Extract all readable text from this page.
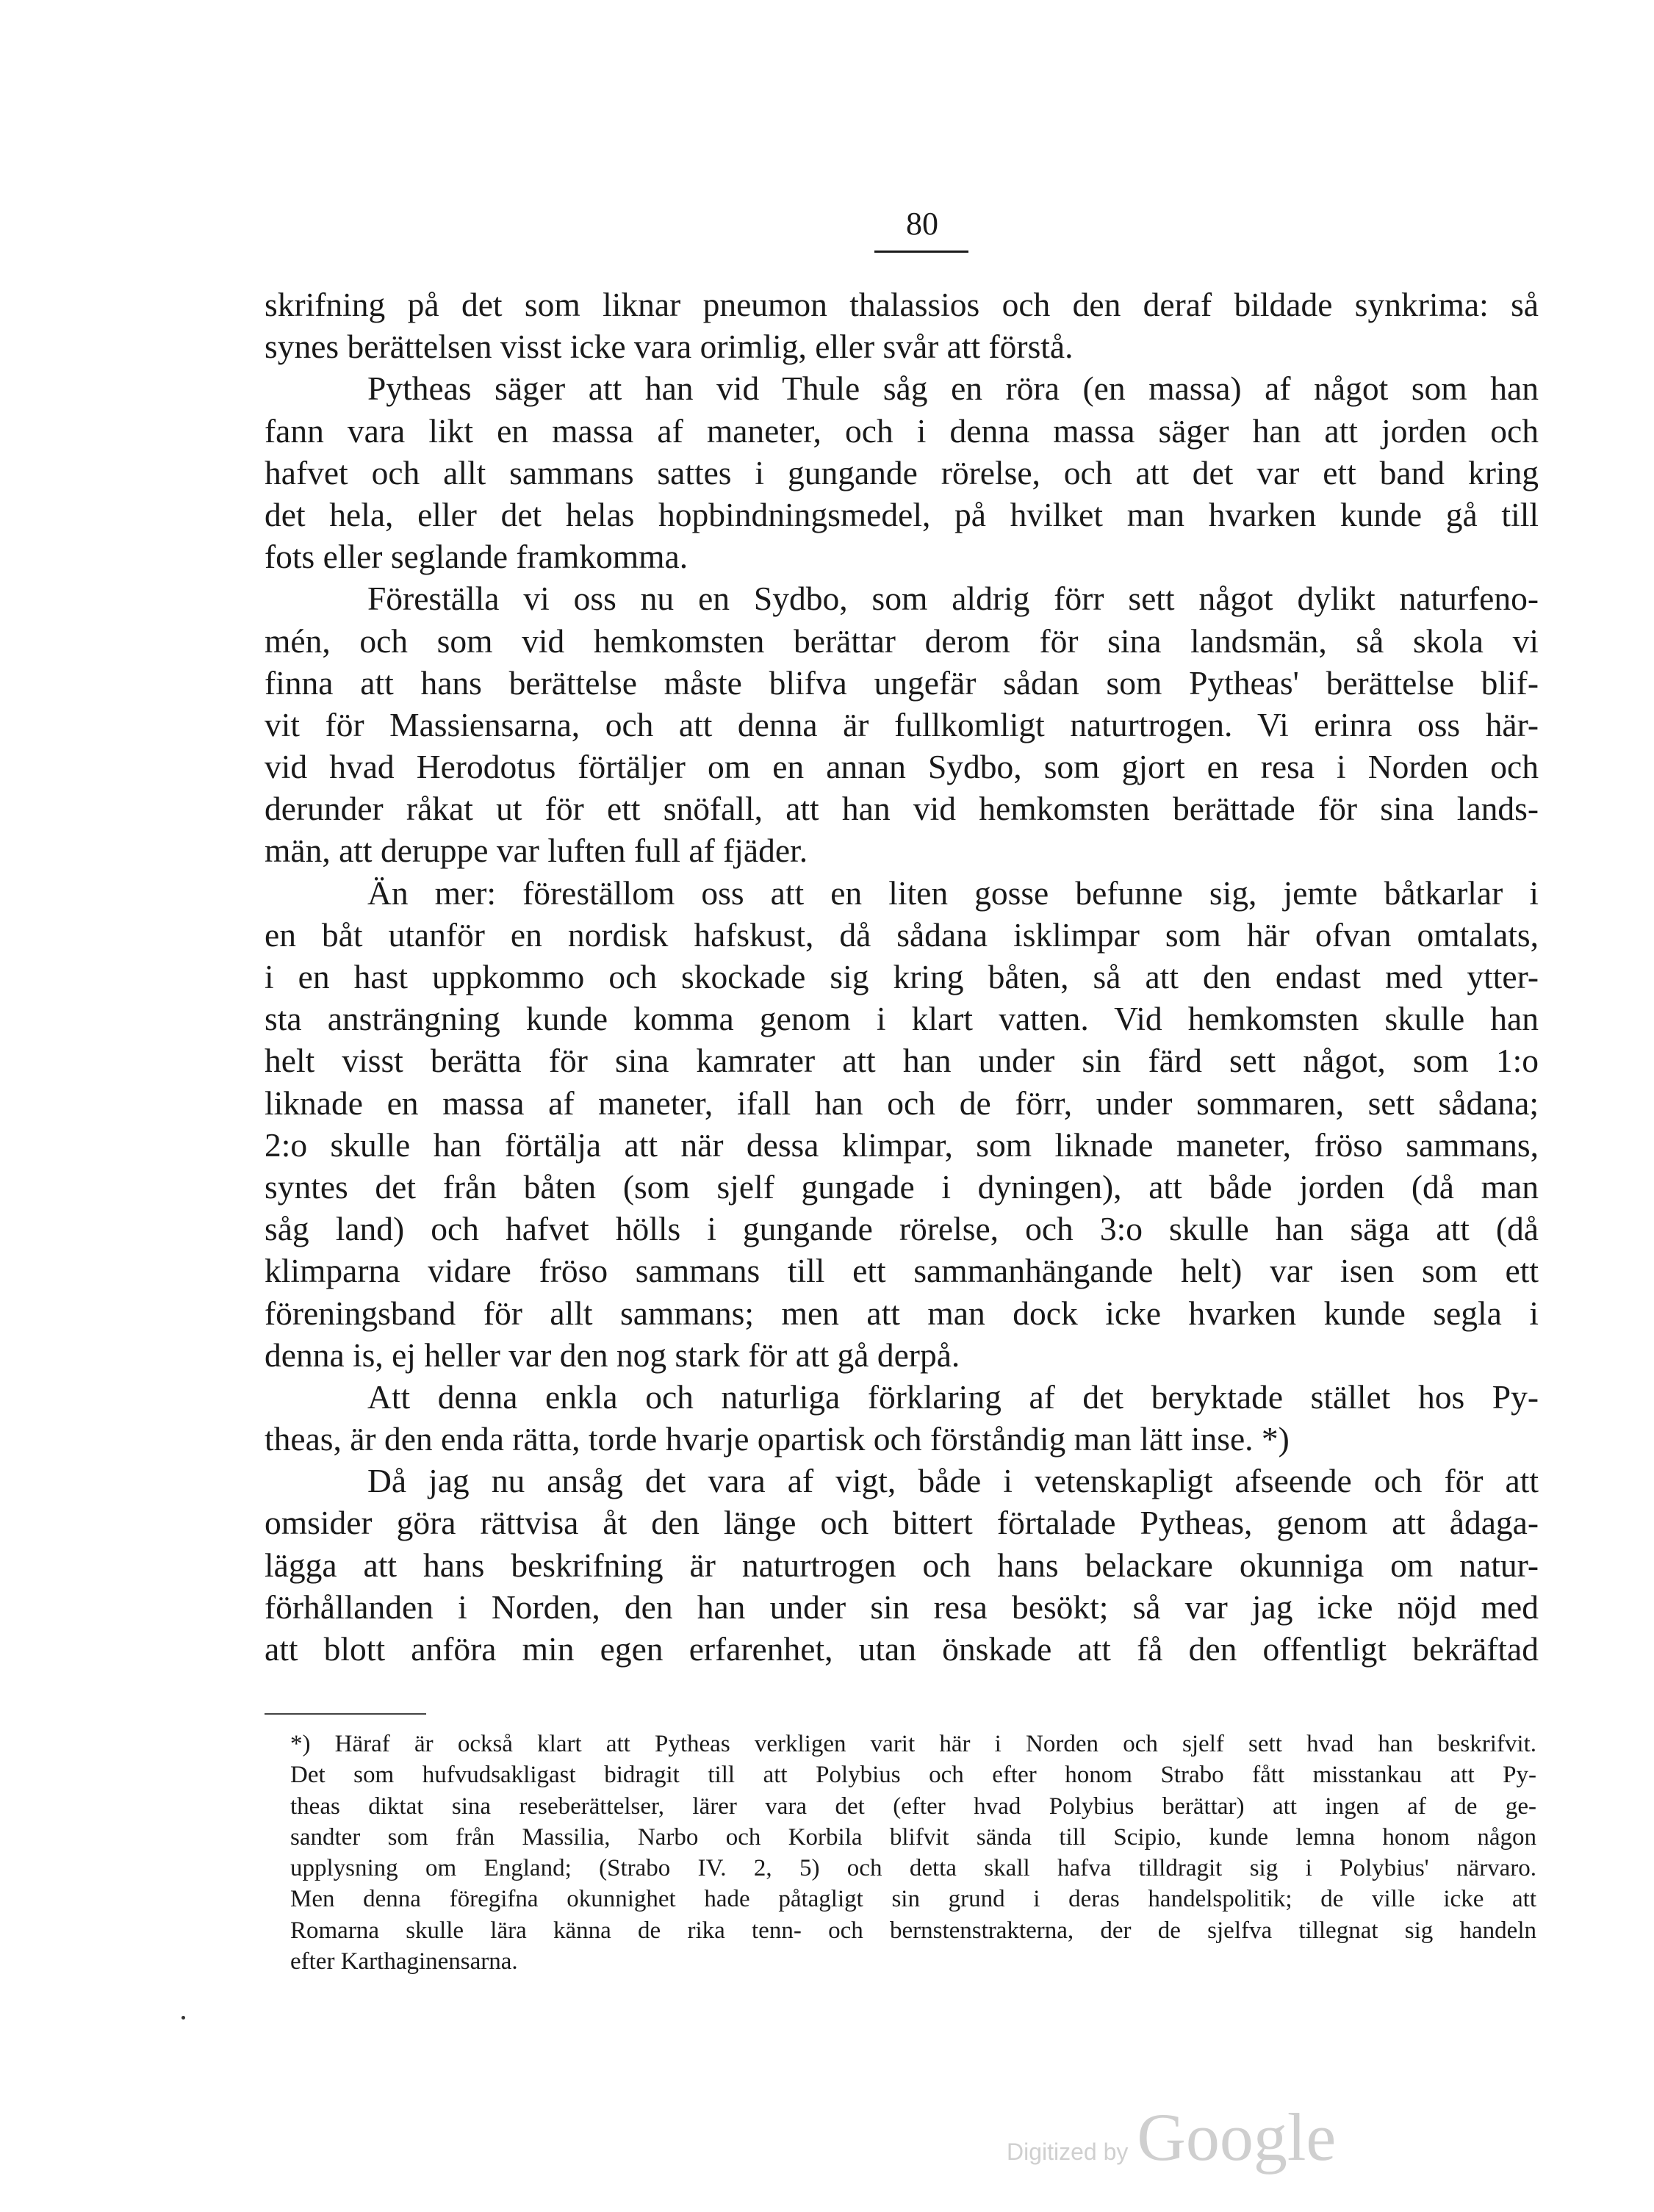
80
skrifning på det som liknar pneumon thalassios och den deraf bildade synkrima: så
synes berättelsen visst icke vara orimlig, eller svår att förstå.
Pytheas säger att han vid Thule såg en röra (en massa) af något som han
fann vara likt en massa af maneter, och i denna massa säger han att jorden och
hafvet och allt sammans sattes i gungande rörelse, och att det var ett band kring
det hela, eller det helas hopbindningsmedel, på hvilket man hvarken kunde gå till
fots eller seglande framkomma.
Föreställa vi oss nu en Sydbo, som aldrig förr sett något dylikt naturfeno-
mén, och som vid hemkomsten berättar derom för sina landsmän, så skola vi
finna att hans berättelse måste blifva ungefär sådan som Pytheas' berättelse blif-
vit för Massiensarna, och att denna är fullkomligt naturtrogen. Vi erinra oss här-
vid hvad Herodotus förtäljer om en annan Sydbo, som gjort en resa i Norden och
derunder råkat ut för ett snöfall, att han vid hemkomsten berättade för sina lands-
män, att deruppe var luften full af fjäder.
Än mer: föreställom oss att en liten gosse befunne sig, jemte båtkarlar i
en båt utanför en nordisk hafskust, då sådana isklimpar som här ofvan omtalats,
i en hast uppkommo och skockade sig kring båten, så att den endast med ytter-
sta ansträngning kunde komma genom i klart vatten. Vid hemkomsten skulle han
helt visst berätta för sina kamrater att han under sin färd sett något, som 1:o
liknade en massa af maneter, ifall han och de förr, under sommaren, sett sådana;
2:o skulle han förtälja att när dessa klimpar, som liknade maneter, fröso sammans,
syntes det från båten (som sjelf gungade i dyningen), att både jorden (då man
såg land) och hafvet hölls i gungande rörelse, och 3:o skulle han säga att (då
klimparna vidare fröso sammans till ett sammanhängande helt) var isen som ett
föreningsband för allt sammans; men att man dock icke hvarken kunde segla i
denna is, ej heller var den nog stark för att gå derpå.
Att denna enkla och naturliga förklaring af det beryktade stället hos Py-
theas, är den enda rätta, torde hvarje opartisk och förståndig man lätt inse. *)
Då jag nu ansåg det vara af vigt, både i vetenskapligt afseende och för att
omsider göra rättvisa åt den länge och bittert förtalade Pytheas, genom att ådaga-
lägga att hans beskrifning är naturtrogen och hans belackare okunniga om natur-
förhållanden i Norden, den han under sin resa besökt; så var jag icke nöjd med
att blott anföra min egen erfarenhet, utan önskade att få den offentligt bekräftad
*) Häraf är också klart att Pytheas verkligen varit här i Norden och sjelf sett hvad han beskrifvit.
Det som hufvudsakligast bidragit till att Polybius och efter honom Strabo fått misstankau att Py-
theas diktat sina reseberättelser, lärer vara det (efter hvad Polybius berättar) att ingen af de ge-
sandter som från Massilia, Narbo och Korbila blifvit sända till Scipio, kunde lemna honom någon
upplysning om England; (Strabo IV. 2, 5) och detta skall hafva tilldragit sig i Polybius' närvaro.
Men denna föregifna okunnighet hade påtagligt sin grund i deras handelspolitik; de ville icke att
Romarna skulle lära känna de rika tenn- och bernstenstrakterna, der de sjelfva tillegnat sig handeln
efter Karthaginensarna.
Digitized by Google
